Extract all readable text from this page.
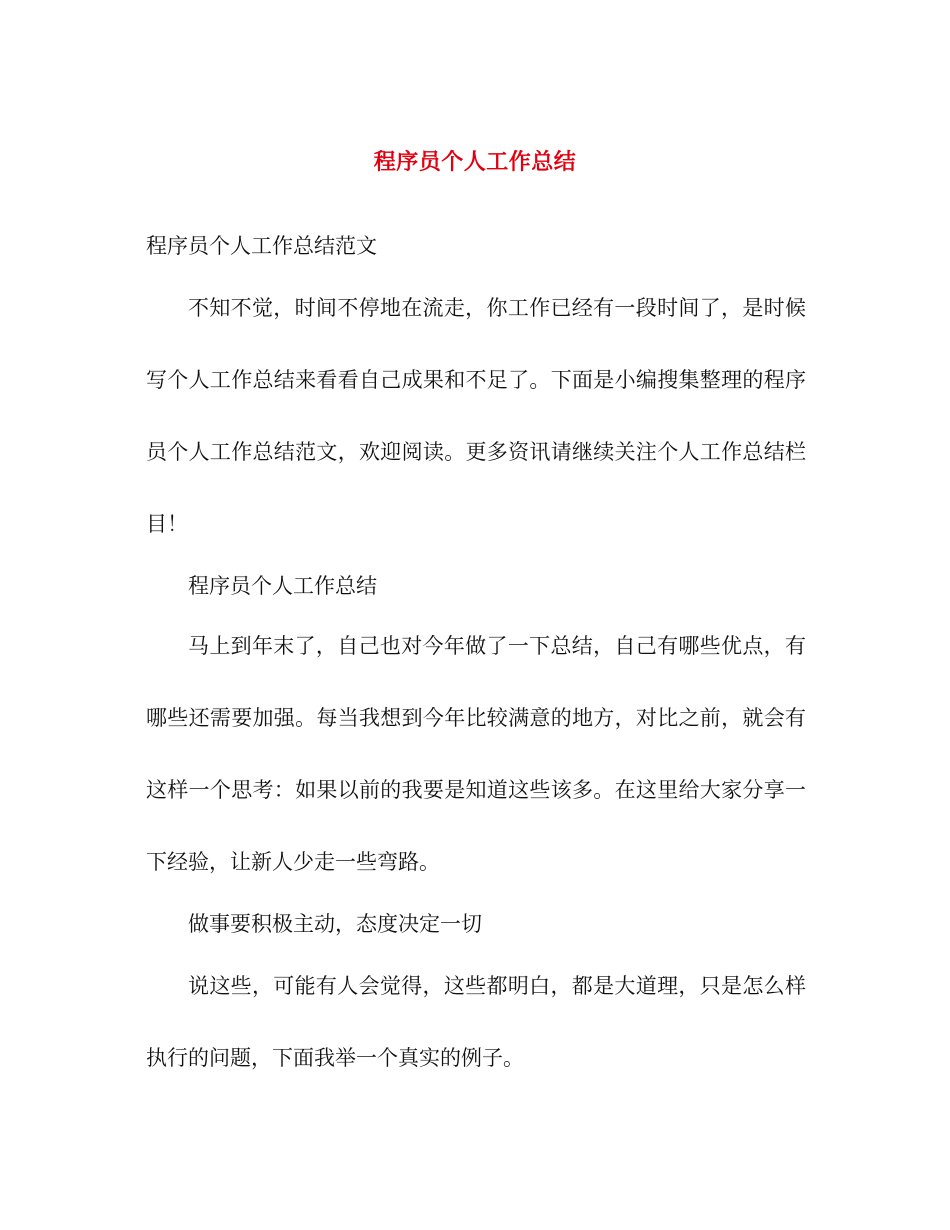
程序员个人工作总结

程序员个人工作总结范文

不知不觉，时间不停地在流走，你工作已经有一段时间了，是时候写个人工作总结来看看自己成果和不足了。下面是小编搜集整理的程序员个人工作总结范文，欢迎阅读。更多资讯请继续关注个人工作总结栏目！

程序员个人工作总结

马上到年末了，自己也对今年做了一下总结，自己有哪些优点，有哪些还需要加强。每当我想到今年比较满意的地方，对比之前，就会有这样一个思考：如果以前的我要是知道这些该多。在这里给大家分享一下经验，让新人少走一些弯路。

做事要积极主动，态度决定一切

说这些，可能有人会觉得，这些都明白，都是大道理，只是怎么样执行的问题，下面我举一个真实的例子。
